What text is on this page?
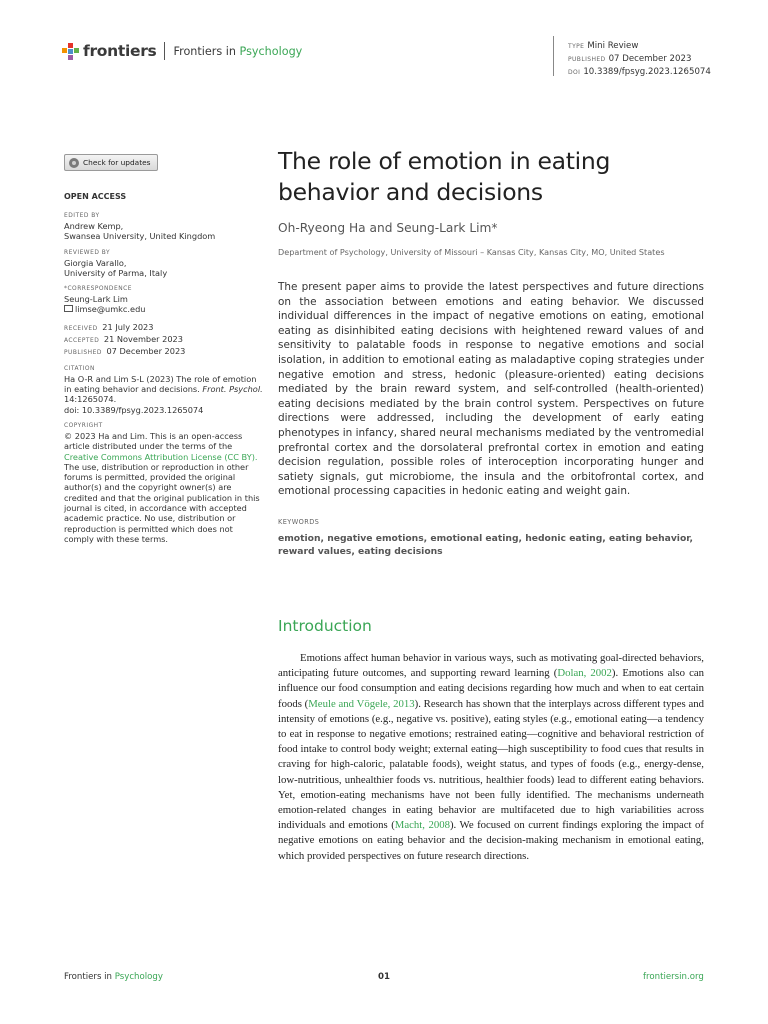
frontiers Frontiers in Psychology	TYPE Mini Review
PUBLISHED 07 December 2023
DOI 10.3389/fpsyg.2023.1265074
Check for updates
OPEN ACCESS
EDITED BY
Andrew Kemp,
Swansea University, United Kingdom
REVIEWED BY
Giorgia Varallo,
University of Parma, Italy
*CORRESPONDENCE
Seung-Lark Lim
limse@umkc.edu
RECEIVED 21 July 2023
ACCEPTED 21 November 2023
PUBLISHED 07 December 2023
CITATION
Ha O-R and Lim S-L (2023) The role of emotion in eating behavior and decisions. Front. Psychol. 14:1265074.
doi: 10.3389/fpsyg.2023.1265074
COPYRIGHT
© 2023 Ha and Lim. This is an open-access article distributed under the terms of the Creative Commons Attribution License (CC BY). The use, distribution or reproduction in other forums is permitted, provided the original author(s) and the copyright owner(s) are credited and that the original publication in this journal is cited, in accordance with accepted academic practice. No use, distribution or reproduction is permitted which does not comply with these terms.
The role of emotion in eating behavior and decisions
Oh-Ryeong Ha and Seung-Lark Lim*
Department of Psychology, University of Missouri – Kansas City, Kansas City, MO, United States
The present paper aims to provide the latest perspectives and future directions on the association between emotions and eating behavior. We discussed individual differences in the impact of negative emotions on eating, emotional eating as disinhibited eating decisions with heightened reward values of and sensitivity to palatable foods in response to negative emotions and social isolation, in addition to emotional eating as maladaptive coping strategies under negative emotion and stress, hedonic (pleasure-oriented) eating decisions mediated by the brain reward system, and self-controlled (health-oriented) eating decisions mediated by the brain control system. Perspectives on future directions were addressed, including the development of early eating phenotypes in infancy, shared neural mechanisms mediated by the ventromedial prefrontal cortex and the dorsolateral prefrontal cortex in emotion and eating decision regulation, possible roles of interoception incorporating hunger and satiety signals, gut microbiome, the insula and the orbitofrontal cortex, and emotional processing capacities in hedonic eating and weight gain.
KEYWORDS
emotion, negative emotions, emotional eating, hedonic eating, eating behavior, reward values, eating decisions
Introduction
Emotions affect human behavior in various ways, such as motivating goal-directed behaviors, anticipating future outcomes, and supporting reward learning (Dolan, 2002). Emotions also can influence our food consumption and eating decisions regarding how much and when to eat certain foods (Meule and Vögele, 2013). Research has shown that the interplays across different types and intensity of emotions (e.g., negative vs. positive), eating styles (e.g., emotional eating—a tendency to eat in response to negative emotions; restrained eating—cognitive and behavioral restriction of food intake to control body weight; external eating—high susceptibility to food cues that results in craving for high-caloric, palatable foods), weight status, and types of foods (e.g., energy-dense, low-nutritious, unhealthier foods vs. nutritious, healthier foods) lead to different eating behaviors. Yet, emotion-eating mechanisms have not been fully identified. The mechanisms underneath emotion-related changes in eating behavior are multifaceted due to high variabilities across individuals and emotions (Macht, 2008). We focused on current findings exploring the impact of negative emotions on eating behavior and the decision-making mechanism in emotional eating, which provided perspectives on future research directions.
Frontiers in Psychology	01	frontiersin.org
